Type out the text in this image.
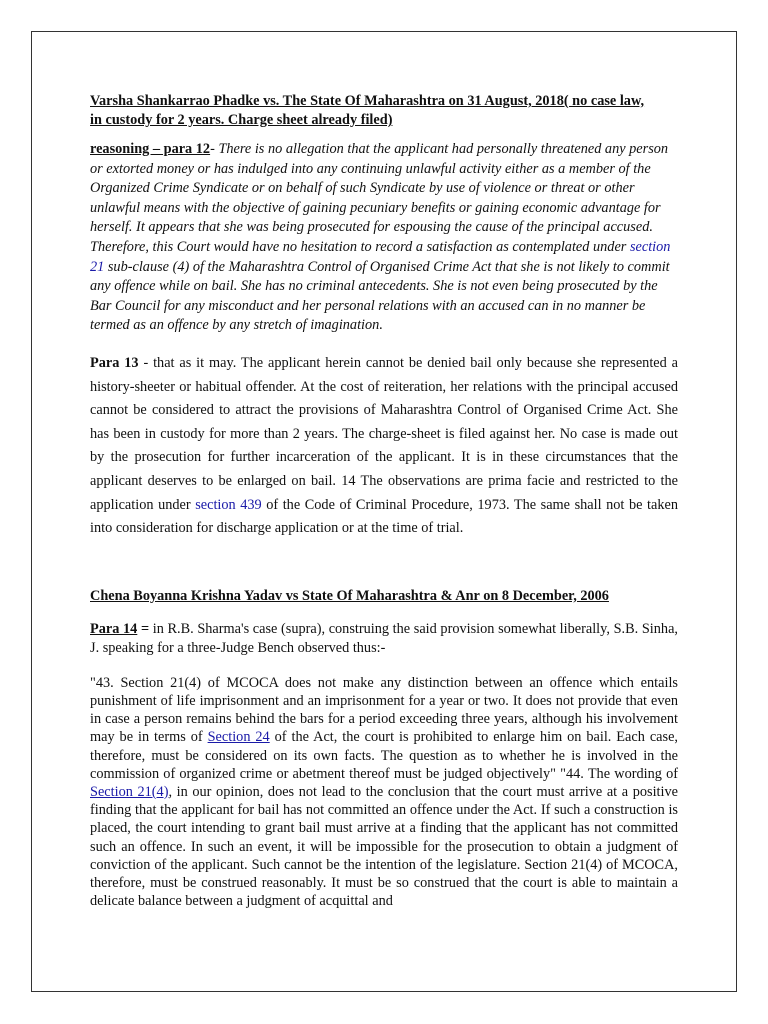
Varsha Shankarrao Phadke vs. The State Of Maharashtra on 31 August, 2018( no case law,
in custody for 2 years. Charge sheet already filed)

reasoning – para 12- There is no allegation that the applicant had personally threatened any person or extorted money or has indulged into any continuing unlawful activity either as a member of the Organized Crime Syndicate or on behalf of such Syndicate by use of violence or threat or other unlawful means with the objective of gaining pecuniary benefits or gaining economic advantage for herself. It appears that she was being prosecuted for espousing the cause of the principal accused. Therefore, this Court would have no hesitation to record a satisfaction as contemplated under section 21 sub-clause (4) of the Maharashtra Control of Organised Crime Act that she is not likely to commit any offence while on bail. She has no criminal antecedents. She is not even being prosecuted by the Bar Council for any misconduct and her personal relations with an accused can in no manner be termed as an offence by any stretch of imagination.

Para 13 - that as it may. The applicant herein cannot be denied bail only because she represented a history-sheeter or habitual offender. At the cost of reiteration, her relations with the principal accused cannot be considered to attract the provisions of Maharashtra Control of Organised Crime Act. She has been in custody for more than 2 years. The charge-sheet is filed against her. No case is made out by the prosecution for further incarceration of the applicant. It is in these circumstances that the applicant deserves to be enlarged on bail. 14 The observations are prima facie and restricted to the application under section 439 of the Code of Criminal Procedure, 1973. The same shall not be taken into consideration for discharge application or at the time of trial.

Chena Boyanna Krishna Yadav vs State Of Maharashtra & Anr on 8 December, 2006

Para 14 = in R.B. Sharma's case (supra), construing the said provision somewhat liberally, S.B. Sinha, J. speaking for a three-Judge Bench observed thus:-

"43. Section 21(4) of MCOCA does not make any distinction between an offence which entails punishment of life imprisonment and an imprisonment for a year or two. It does not provide that even in case a person remains behind the bars for a period exceeding three years, although his involvement may be in terms of Section 24 of the Act, the court is prohibited to enlarge him on bail. Each case, therefore, must be considered on its own facts. The question as to whether he is involved in the commission of organized crime or abetment thereof must be judged objectively" "44. The wording of Section 21(4), in our opinion, does not lead to the conclusion that the court must arrive at a positive finding that the applicant for bail has not committed an offence under the Act. If such a construction is placed, the court intending to grant bail must arrive at a finding that the applicant has not committed such an offence. In such an event, it will be impossible for the prosecution to obtain a judgment of conviction of the applicant. Such cannot be the intention of the legislature. Section 21(4) of MCOCA, therefore, must be construed reasonably. It must be so construed that the court is able to maintain a delicate balance between a judgment of acquittal and
